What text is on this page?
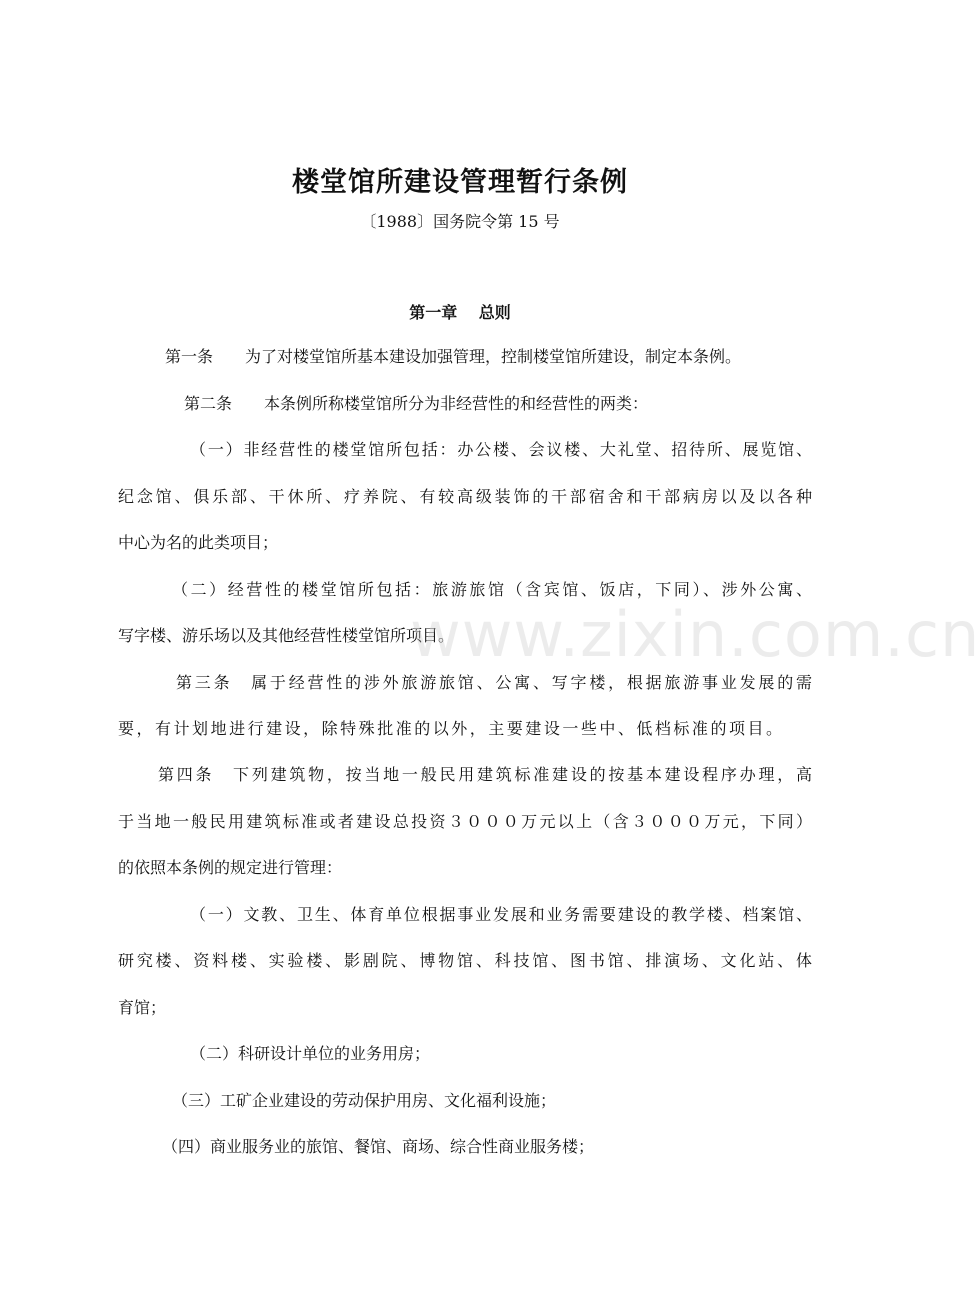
楼堂馆所建设管理暂行条例
〔1988〕国务院令第 15 号
第一章　 总则
第一条　　为了对楼堂馆所基本建设加强管理，控制楼堂馆所建设，制定本条例。
第二条　　本条例所称楼堂馆所分为非经营性的和经营性的两类：
（一）非经营性的楼堂馆所包括：办公楼、会议楼、大礼堂、招待所、展览馆、
纪念馆、俱乐部、干休所、疗养院、有较高级装饰的干部宿舍和干部病房以及以各种
中心为名的此类项目；
（二）经营性的楼堂馆所包括：旅游旅馆（含宾馆、饭店，下同）、涉外公寓、
写字楼、游乐场以及其他经营性楼堂馆所项目。
第三条　属于经营性的涉外旅游旅馆、公寓、写字楼，根据旅游事业发展的需
要，有计划地进行建设，除特殊批准的以外，主要建设一些中、低档标准的项目。
第四条　下列建筑物，按当地一般民用建筑标准建设的按基本建设程序办理，高
于当地一般民用建筑标准或者建设总投资３０００万元以上（含３０００万元，下同）
的依照本条例的规定进行管理：
（一）文教、卫生、体育单位根据事业发展和业务需要建设的教学楼、档案馆、
研究楼、资料楼、实验楼、影剧院、博物馆、科技馆、图书馆、排演场、文化站、体
育馆；
（二）科研设计单位的业务用房；
（三）工矿企业建设的劳动保护用房、文化福利设施；
（四）商业服务业的旅馆、餐馆、商场、综合性商业服务楼；
www.zixin.com.cn
